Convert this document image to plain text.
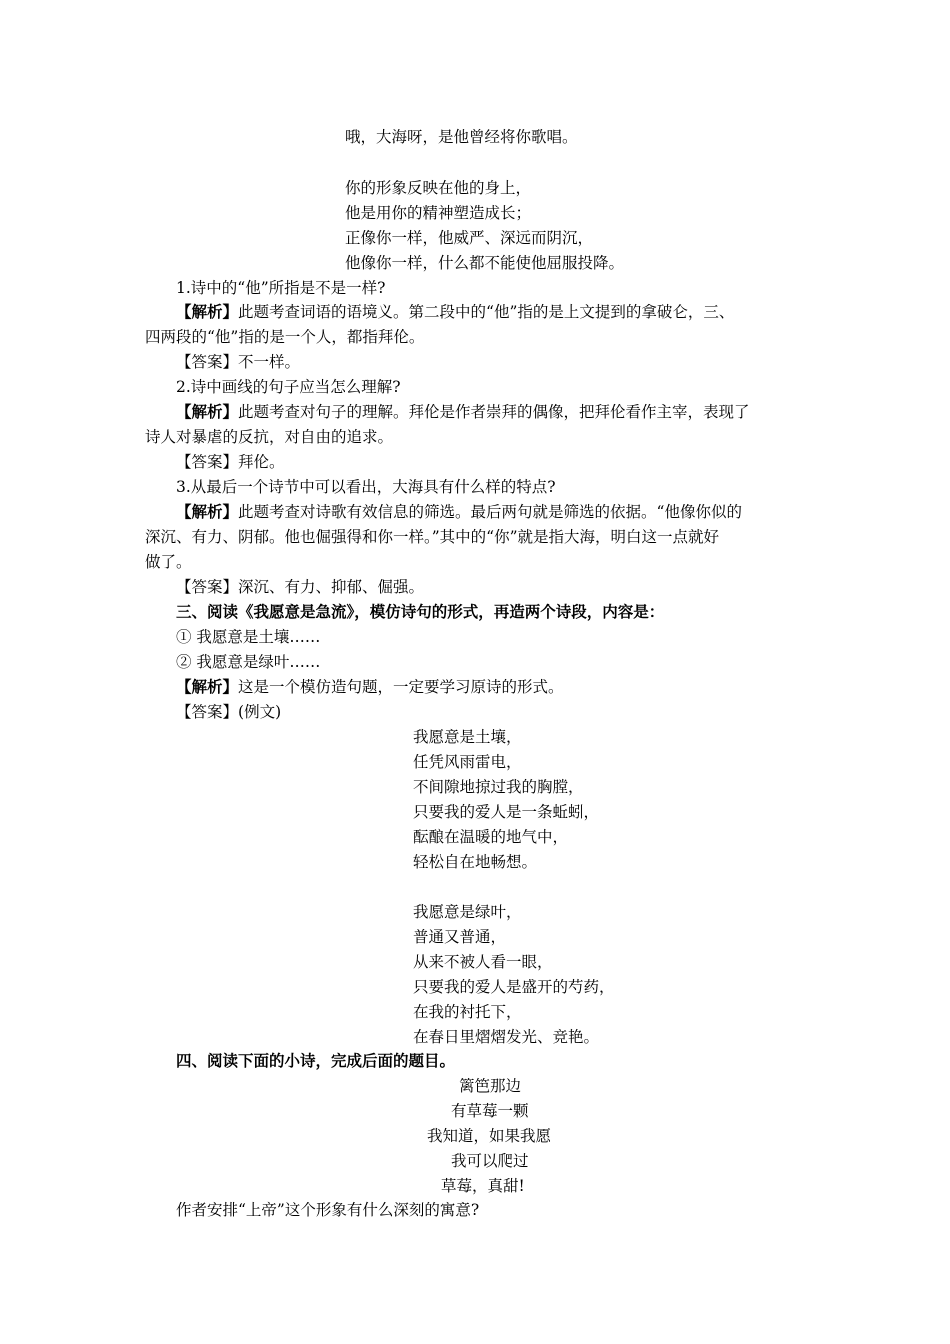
哦，大海呀，是他曾经将你歌唱。
你的形象反映在他的身上，
他是用你的精神塑造成长；
正像你一样，他威严、深远而阴沉，
他像你一样，什么都不能使他屈服投降。
1.诗中的“他”所指是不是一样?
【解析】此题考查词语的语境义。第二段中的“他”指的是上文提到的拿破仑，三、
四两段的“他”指的是一个人，都指拜伦。
【答案】不一样。
2.诗中画线的句子应当怎么理解?
【解析】此题考查对句子的理解。拜伦是作者崇拜的偶像，把拜伦看作主宰，表现了
诗人对暴虐的反抗，对自由的追求。
【答案】拜伦。
3.从最后一个诗节中可以看出，大海具有什么样的特点?
【解析】此题考查对诗歌有效信息的筛选。最后两句就是筛选的依据。“他像你似的
深沉、有力、阴郁。他也倔强得和你一样。”其中的“你”就是指大海，明白这一点就好
做了。
【答案】深沉、有力、抑郁、倔强。
三、阅读《我愿意是急流》，模仿诗句的形式，再造两个诗段，内容是：
① 我愿意是土壤……
② 我愿意是绿叶……
【解析】这是一个模仿造句题，一定要学习原诗的形式。
【答案】(例文)
我愿意是土壤，
任凭风雨雷电，
不间隙地掠过我的胸膛，
只要我的爱人是一条蚯蚓，
酝酿在温暖的地气中，
轻松自在地畅想。
我愿意是绿叶，
普通又普通，
从来不被人看一眼，
只要我的爱人是盛开的芍药，
在我的衬托下，
在春日里熠熠发光、竞艳。
四、阅读下面的小诗，完成后面的题目。
篱笆那边
有草莓一颗
我知道，如果我愿
我可以爬过
草莓，真甜!
作者安排“上帝”这个形象有什么深刻的寓意?
